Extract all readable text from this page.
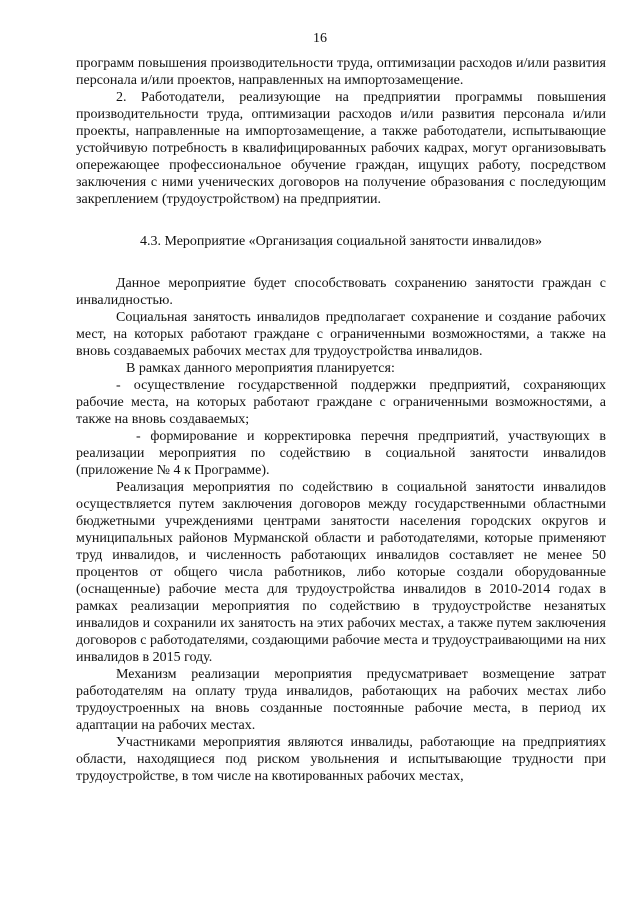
16

программ повышения производительности труда, оптимизации расходов и/или развития персонала и/или проектов, направленных на импортозамещение.

2. Работодатели, реализующие на предприятии программы повышения производительности труда, оптимизации расходов и/или развития персонала и/или проекты, направленные на импортозамещение, а также работодатели, испытывающие устойчивую потребность в квалифицированных рабочих кадрах, могут организовывать опережающее профессиональное обучение граждан, ищущих работу, посредством заключения с ними ученических договоров на получение образования с последующим закреплением (трудоустройством) на предприятии.

4.3. Мероприятие «Организация социальной занятости инвалидов»

Данное мероприятие будет способствовать сохранению занятости граждан с инвалидностью.

Социальная занятость инвалидов предполагает сохранение и создание рабочих мест, на которых работают граждане с ограниченными возможностями, а также на вновь создаваемых рабочих местах для трудоустройства инвалидов.

В рамках данного мероприятия планируется:

- осуществление государственной поддержки предприятий, сохраняющих рабочие места, на которых работают граждане с ограниченными возможностями, а также на вновь создаваемых;

- формирование и корректировка перечня предприятий, участвующих в реализации мероприятия по содействию в социальной занятости инвалидов (приложение № 4 к Программе).

Реализация мероприятия по содействию в социальной занятости инвалидов осуществляется путем заключения договоров между государственными областными бюджетными учреждениями центрами занятости населения городских округов и муниципальных районов Мурманской области и работодателями, которые применяют труд инвалидов, и численность работающих инвалидов составляет не менее 50 процентов от общего числа работников, либо которые создали оборудованные (оснащенные) рабочие места для трудоустройства инвалидов в 2010-2014 годах в рамках реализации мероприятия по содействию в трудоустройстве незанятых инвалидов и сохранили их занятость на этих рабочих местах, а также путем заключения договоров с работодателями, создающими рабочие места и трудоустраивающими на них инвалидов в 2015 году.

Механизм реализации мероприятия предусматривает возмещение затрат работодателям на оплату труда инвалидов, работающих на рабочих местах либо трудоустроенных на вновь созданные постоянные рабочие места, в период их адаптации на рабочих местах.

Участниками мероприятия являются инвалиды, работающие на предприятиях области, находящиеся под риском увольнения и испытывающие трудности при трудоустройстве, в том числе на квотированных рабочих местах,
